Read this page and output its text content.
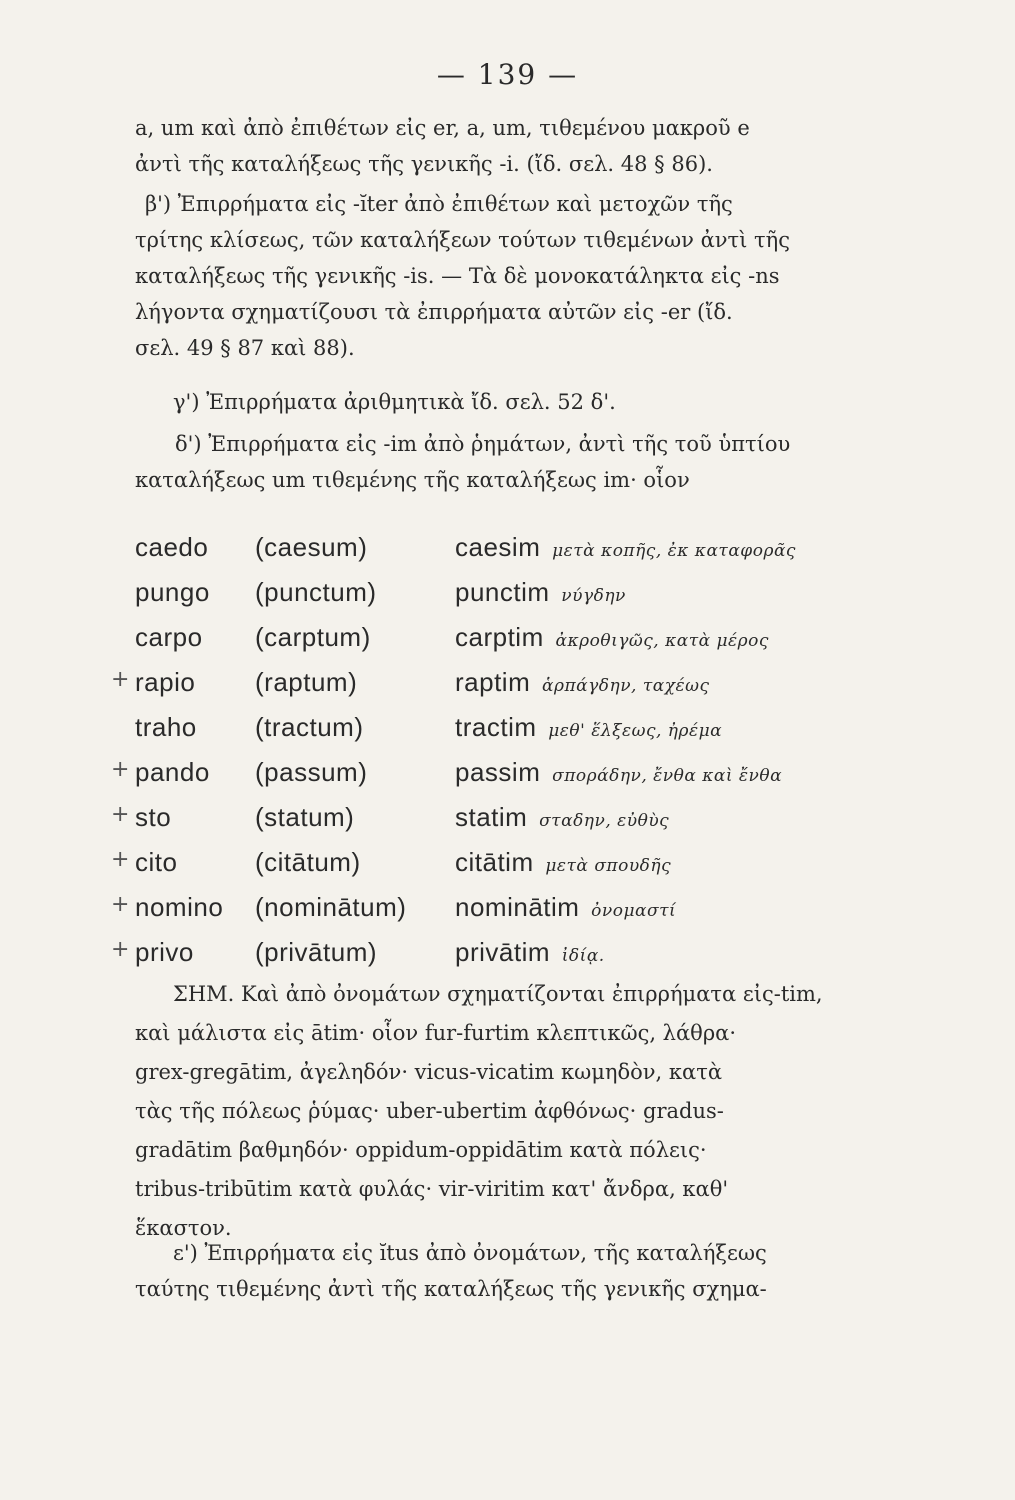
— 139 —

a, um καὶ ἀπὸ ἐπιθέτων εἰς er, a, um, τιθεμένου μακροῦ e

ἀντὶ τῆς καταλήξεως τῆς γενικῆς -i. (ἴδ. σελ. 48 § 86).

β') Ἐπιρρήματα εἰς -ĭter ἀπὸ ἐπιθέτων καὶ μετοχῶν τῆς

τρίτης κλίσεως, τῶν καταλήξεων τούτων τιθεμένων ἀντὶ τῆς

καταλήξεως τῆς γενικῆς -is. — Τὰ δὲ μονοκατάληκτα εἰς -ns

λήγοντα σχηματίζουσι τὰ ἐπιρρήματα αὐτῶν εἰς -er (ἴδ.

σελ. 49 § 87 καὶ 88).

γ') Ἐπιρρήματα ἀριθμητικὰ ἴδ. σελ. 52 δ'.

δ') Ἐπιρρήματα εἰς -im ἀπὸ ῥημάτων, ἀντὶ τῆς τοῦ ὑπτίου

καταλήξεως um τιθεμένης τῆς καταλήξεως im· οἷον

caedo	(caesum)	caesim μετὰ κοπῆς, ἐκ καταφορᾶς

pungo	(punctum)	punctim νύγδην

carpo	(carptum)	carptim ἀκροθιγῶς, κατὰ μέρος

+ rapio	(raptum)	raptim ἁρπάγδην, ταχέως

traho	(tractum)	tractim μεθ' ἕλξεως, ἠρέμα

+ pando	(passum)	passim σποράδην, ἔνθα καὶ ἔνθα

+ sto	(statum)	statim σταδην, εὐθὺς

+ cito	(citātum)	citātim μετὰ σπουδῆς

+ nomino	(nominātum)	nominātim ὀνομαστί

+ privo	(privātum)	privātim ἰδίᾳ.

ΣΗΜ. Καὶ ἀπὸ ὀνομάτων σχηματίζονται ἐπιρρήματα εἰς-tim,

καὶ μάλιστα εἰς ātim· οἷον fur-furtim κλεπτικῶς, λάθρα·

grex-gregātim, ἀγεληδόν· vicus-vicatim κωμηδὸν, κατὰ

τὰς τῆς πόλεως ῥύμας· uber-ubertim ἀφθόνως· gradus-

gradātim βαθμηδόν· oppidum-oppidātim κατὰ πόλεις·

tribus-tribūtim κατὰ φυλάς· vir-viritim κατ' ἄνδρα, καθ'

ἕκαστον.

ε') Ἐπιρρήματα εἰς ĭtus ἀπὸ ὀνομάτων, τῆς καταλήξεως

ταύτης τιθεμένης ἀντὶ τῆς καταλήξεως τῆς γενικῆς σχημα-
